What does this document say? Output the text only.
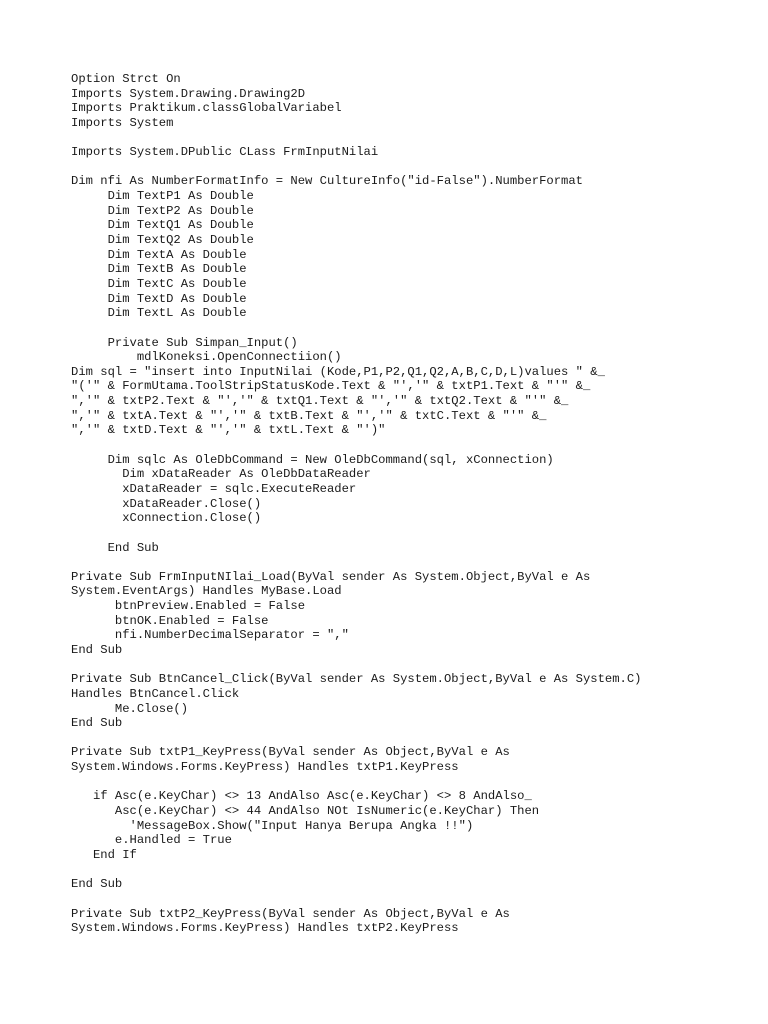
Option Strct On
Imports System.Drawing.Drawing2D
Imports Praktikum.classGlobalVariabel
Imports System
Imports System.DPublic CLass FrmInputNilai
Dim nfi As NumberFormatInfo = New CultureInfo("id-False").NumberFormat
Dim TextP1 As Double
Dim TextP2 As Double
Dim TextQ1 As Double
Dim TextQ2 As Double
Dim TextA As Double
Dim TextB As Double
Dim TextC As Double
Dim TextD As Double
Dim TextL As Double
Private Sub Simpan_Input()
mdlKoneksi.OpenConnectiion()
Dim sql = "insert into InputNilai (Kode,P1,P2,Q1,Q2,A,B,C,D,L)values " &_
"('" & FormUtama.ToolStripStatusKode.Text & "','" & txtP1.Text & "'" &_
",'" & txtP2.Text & "','" & txtQ1.Text & "','" & txtQ2.Text & "'" &_
",'" & txtA.Text & "','" & txtB.Text & "','" & txtC.Text & "'" &_
",'" & txtD.Text & "','" & txtL.Text & "')"
Dim sqlc As OleDbCommand = New OleDbCommand(sql, xConnection)
Dim xDataReader As OleDbDataReader
xDataReader = sqlc.ExecuteReader
xDataReader.Close()
xConnection.Close()
End Sub
Private Sub FrmInputNIlai_Load(ByVal sender As System.Object,ByVal e As
System.EventArgs) Handles MyBase.Load
btnPreview.Enabled = False
btnOK.Enabled = False
nfi.NumberDecimalSeparator = ","
End Sub
Private Sub BtnCancel_Click(ByVal sender As System.Object,ByVal e As System.C)
Handles BtnCancel.Click
Me.Close()
End Sub
Private Sub txtP1_KeyPress(ByVal sender As Object,ByVal e As
System.Windows.Forms.KeyPress) Handles txtP1.KeyPress
if Asc(e.KeyChar) <> 13 AndAlso Asc(e.KeyChar) <> 8 AndAlso_
Asc(e.KeyChar) <> 44 AndAlso NOt IsNumeric(e.KeyChar) Then
'MessageBox.Show("Input Hanya Berupa Angka !!")
e.Handled = True
End If
End Sub
Private Sub txtP2_KeyPress(ByVal sender As Object,ByVal e As
System.Windows.Forms.KeyPress) Handles txtP2.KeyPress
